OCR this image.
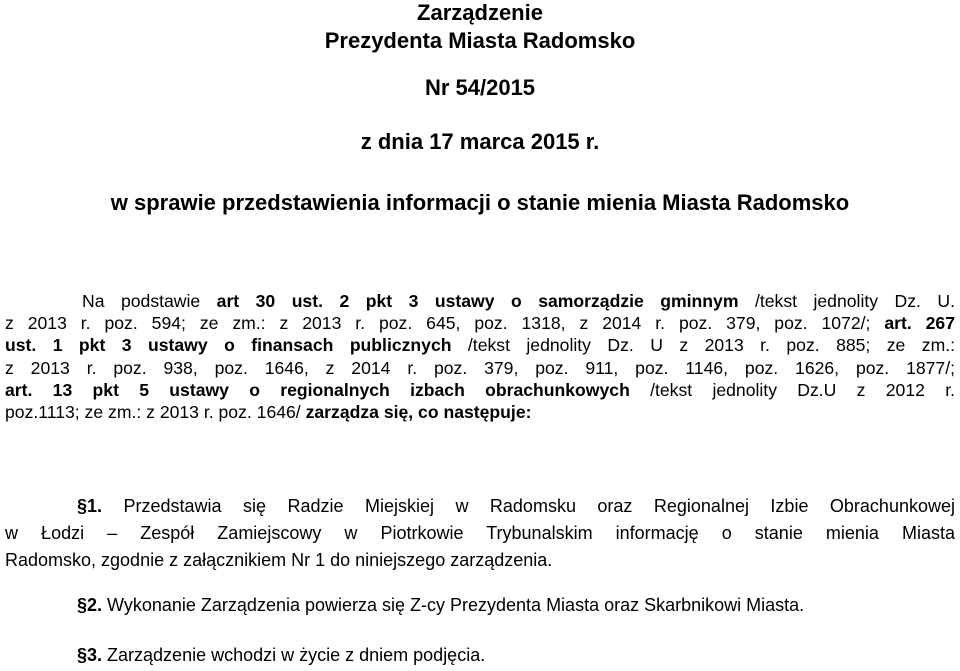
Zarządzenie
Prezydenta Miasta Radomsko
Nr 54/2015
z dnia 17 marca 2015 r.
w sprawie przedstawienia informacji o stanie mienia Miasta Radomsko
Na podstawie art 30 ust. 2 pkt 3 ustawy o samorządzie gminnym /tekst jednolity Dz. U.
z 2013 r. poz. 594; ze zm.: z 2013 r. poz. 645, poz. 1318, z 2014 r. poz. 379, poz. 1072/; art. 267
ust. 1 pkt 3 ustawy o finansach publicznych /tekst jednolity Dz. U z 2013 r. poz. 885; ze zm.:
z 2013 r. poz. 938, poz. 1646, z 2014 r. poz. 379, poz. 911, poz. 1146, poz. 1626, poz. 1877/;
art. 13 pkt 5 ustawy o regionalnych izbach obrachunkowych /tekst jednolity Dz.U z 2012 r.
poz.1113; ze zm.: z 2013 r. poz. 1646/ zarządza się, co następuje:
§1. Przedstawia się Radzie Miejskiej w Radomsku oraz Regionalnej Izbie Obrachunkowej
w Łodzi – Zespół Zamiejscowy w Piotrkowie Trybunalskim informację o stanie mienia Miasta
Radomsko, zgodnie z załącznikiem Nr 1 do niniejszego zarządzenia.
§2. Wykonanie Zarządzenia powierza się Z-cy Prezydenta Miasta oraz Skarbnikowi Miasta.
§3. Zarządzenie wchodzi w życie z dniem podjęcia.
